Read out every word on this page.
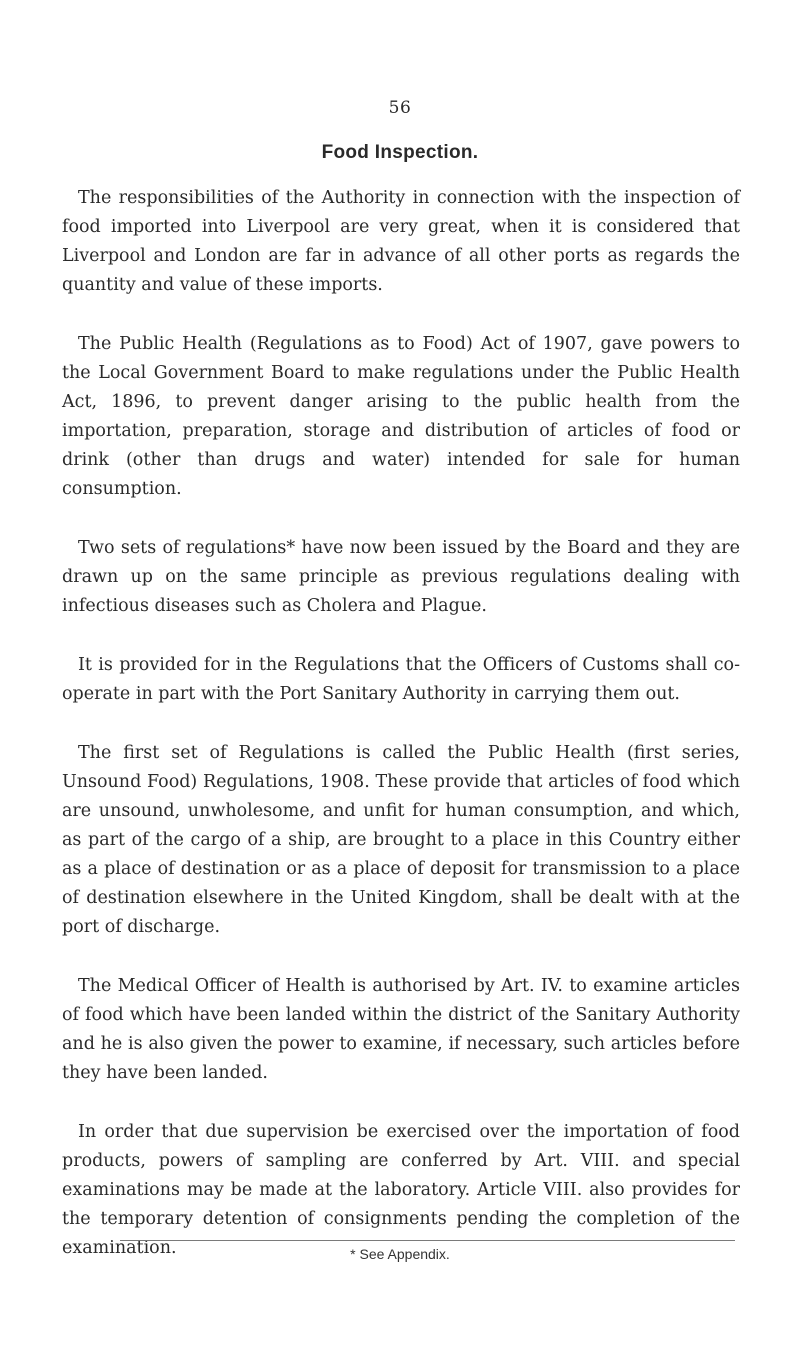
56
Food Inspection.

The responsibilities of the Authority in connection with the inspection of food imported into Liverpool are very great, when it is considered that Liverpool and London are far in advance of all other ports as regards the quantity and value of these imports.

The Public Health (Regulations as to Food) Act of 1907, gave powers to the Local Government Board to make regulations under the Public Health Act, 1896, to prevent danger arising to the public health from the importation, preparation, storage and distribution of articles of food or drink (other than drugs and water) intended for sale for human consumption.

Two sets of regulations* have now been issued by the Board and they are drawn up on the same principle as previous regulations dealing with infectious diseases such as Cholera and Plague.

It is provided for in the Regulations that the Officers of Customs shall co-operate in part with the Port Sanitary Authority in carrying them out.

The first set of Regulations is called the Public Health (first series, Unsound Food) Regulations, 1908. These provide that articles of food which are unsound, unwholesome, and unfit for human consumption, and which, as part of the cargo of a ship, are brought to a place in this Country either as a place of destination or as a place of deposit for transmission to a place of destination elsewhere in the United Kingdom, shall be dealt with at the port of discharge.

The Medical Officer of Health is authorised by Art. IV. to examine articles of food which have been landed within the district of the Sanitary Authority and he is also given the power to examine, if necessary, such articles before they have been landed.

In order that due supervision be exercised over the importation of food products, powers of sampling are conferred by Art. VIII. and special examinations may be made at the laboratory. Article VIII. also provides for the temporary detention of consignments pending the completion of the examination.	* See Appendix.
